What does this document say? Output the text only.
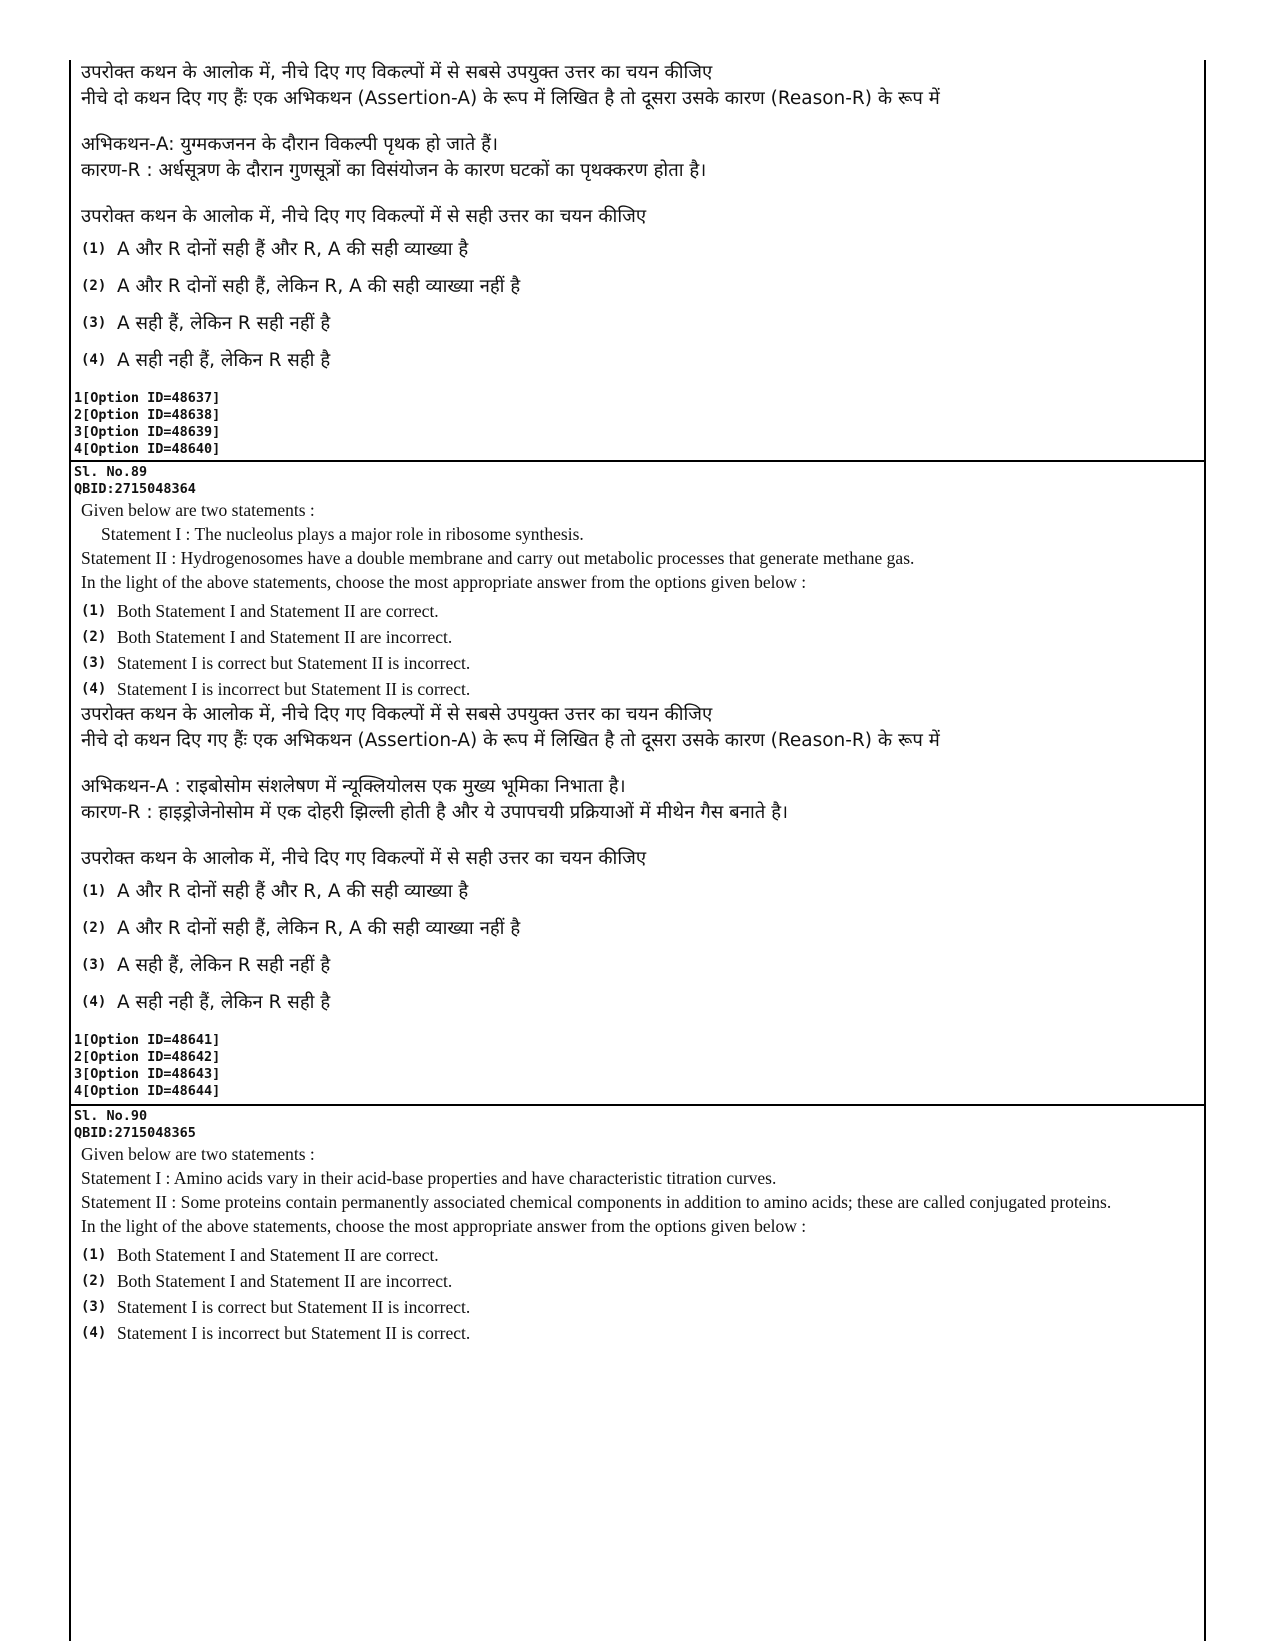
उपरोक्त कथन के आलोक में, नीचे दिए गए विकल्पों में से सबसे उपयुक्त उत्तर का चयन कीजिए

नीचे दो कथन दिए गए हैंः एक अभिकथन (Assertion-A) के रूप में लिखित है तो दूसरा उसके कारण (Reason-R) के रूप में

अभिकथन-A: युग्मकजनन के दौरान विकल्पी पृथक हो जाते हैं।

कारण-R : अर्धसूत्रण के दौरान गुणसूत्रों का विसंयोजन के कारण घटकों का पृथक्करण होता है।

उपरोक्त कथन के आलोक में, नीचे दिए गए विकल्पों में से सही उत्तर का चयन कीजिए

(1) A और R दोनों सही हैं और R, A की सही व्याख्या है
(2) A और R दोनों सही हैं, लेकिन R, A की सही व्याख्या नहीं है
(3) A सही हैं, लेकिन R सही नहीं है
(4) A सही नही हैं, लेकिन R सही है

1[Option ID=48637]

2[Option ID=48638]

3[Option ID=48639]

4[Option ID=48640]

Sl. No.89

QBID:2715048364

Given below are two statements :

Statement I : The nucleolus plays a major role in ribosome synthesis.

Statement II : Hydrogenosomes have a double membrane and carry out metabolic processes that generate methane gas.

In the light of the above statements, choose the most appropriate answer from the options given below :

(1) Both Statement I and Statement II are correct.
(2) Both Statement I and Statement II are incorrect.
(3) Statement I is correct but Statement II is incorrect.
(4) Statement I is incorrect but Statement II is correct.

उपरोक्त कथन के आलोक में, नीचे दिए गए विकल्पों में से सबसे उपयुक्त उत्तर का चयन कीजिए

नीचे दो कथन दिए गए हैंः एक अभिकथन (Assertion-A) के रूप में लिखित है तो दूसरा उसके कारण (Reason-R) के रूप में

अभिकथन-A : राइबोसोम संशलेषण में न्यूक्लियोलस एक मुख्य भूमिका निभाता है।

कारण-R : हाइड्रोजेनोसोम में एक दोहरी झिल्ली होती है और ये उपापचयी प्रक्रियाओं में मीथेन गैस बनाते है।

उपरोक्त कथन के आलोक में, नीचे दिए गए विकल्पों में से सही उत्तर का चयन कीजिए

(1) A और R दोनों सही हैं और R, A की सही व्याख्या है
(2) A और R दोनों सही हैं, लेकिन R, A की सही व्याख्या नहीं है
(3) A सही हैं, लेकिन R सही नहीं है
(4) A सही नही हैं, लेकिन R सही है

1[Option ID=48641]

2[Option ID=48642]

3[Option ID=48643]

4[Option ID=48644]

Sl. No.90

QBID:2715048365

Given below are two statements :

Statement I : Amino acids vary in their acid-base properties and have characteristic titration curves.

Statement II : Some proteins contain permanently associated chemical components in addition to amino acids; these are called conjugated proteins.

In the light of the above statements, choose the most appropriate answer from the options given below :

(1) Both Statement I and Statement II are correct.
(2) Both Statement I and Statement II are incorrect.
(3) Statement I is correct but Statement II is incorrect.
(4) Statement I is incorrect but Statement II is correct.
